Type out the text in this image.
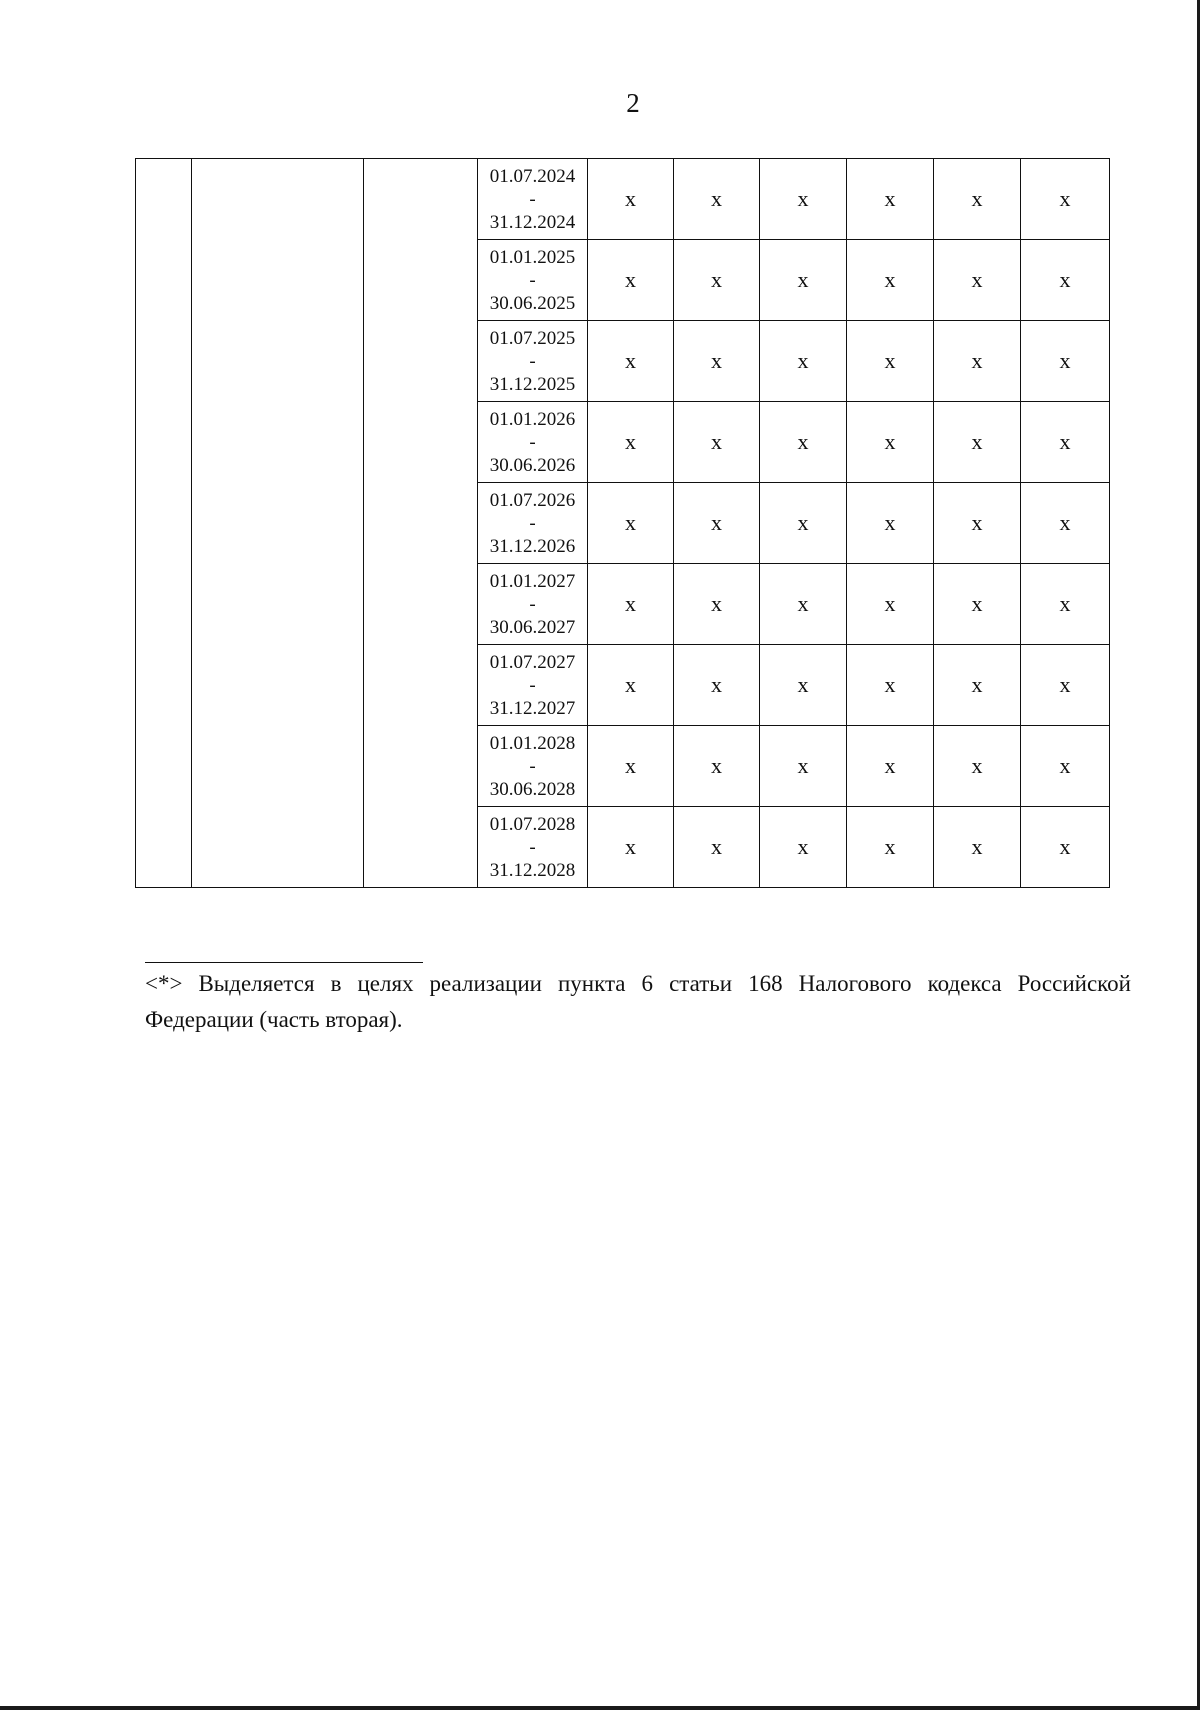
2

			01.07.2024
-
31.12.2024	x	x	x	x	x	x

			01.01.2025
-
30.06.2025	x	x	x	x	x	x

			01.07.2025
-
31.12.2025	x	x	x	x	x	x

			01.01.2026
-
30.06.2026	x	x	x	x	x	x

			01.07.2026
-
31.12.2026	x	x	x	x	x	x

			01.01.2027
-
30.06.2027	x	x	x	x	x	x

			01.07.2027
-
31.12.2027	x	x	x	x	x	x

			01.01.2028
-
30.06.2028	x	x	x	x	x	x

			01.07.2028
-
31.12.2028	x	x	x	x	x	x
<*> Выделяется в целях реализации пункта 6 статьи 168 Налогового кодекса Российской Федерации (часть вторая).
